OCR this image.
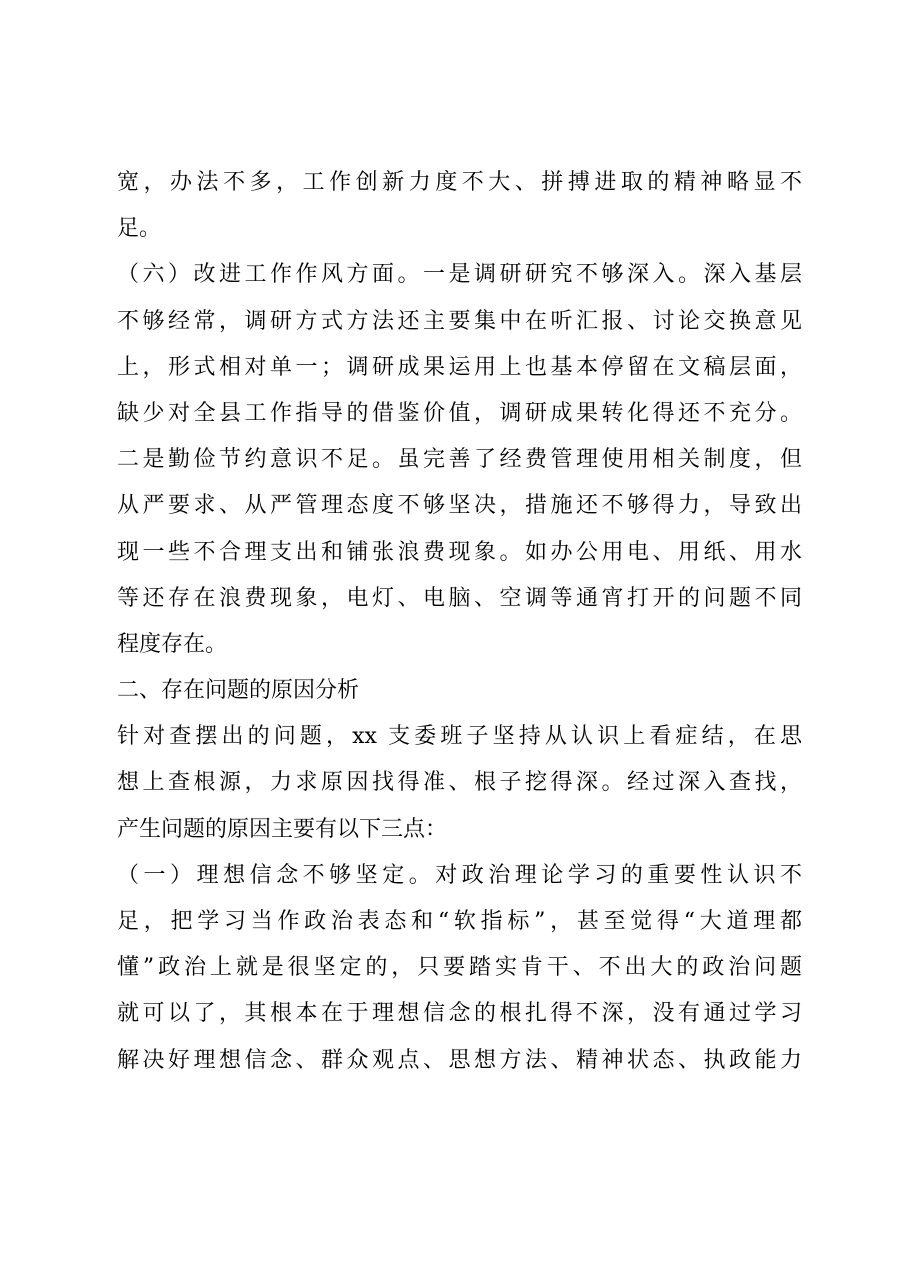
宽，办法不多，工作创新力度不大、拼搏进取的精神略显不
足。
（六）改进工作作风方面。一是调研研究不够深入。深入基层
不够经常，调研方式方法还主要集中在听汇报、讨论交换意见
上，形式相对单一；调研成果运用上也基本停留在文稿层面，
缺少对全县工作指导的借鉴价值，调研成果转化得还不充分。
二是勤俭节约意识不足。虽完善了经费管理使用相关制度，但
从严要求、从严管理态度不够坚决，措施还不够得力，导致出
现一些不合理支出和铺张浪费现象。如办公用电、用纸、用水
等还存在浪费现象，电灯、电脑、空调等通宵打开的问题不同
程度存在。
二、存在问题的原因分析
针对查摆出的问题，xx 支委班子坚持从认识上看症结，在思
想上查根源，力求原因找得准、根子挖得深。经过深入查找，
产生问题的原因主要有以下三点：
（一）理想信念不够坚定。对政治理论学习的重要性认识不
足，把学习当作政治表态和“软指标”，甚至觉得“大道理都
懂”政治上就是很坚定的，只要踏实肯干、不出大的政治问题
就可以了，其根本在于理想信念的根扎得不深，没有通过学习
解决好理想信念、群众观点、思想方法、精神状态、执政能力
